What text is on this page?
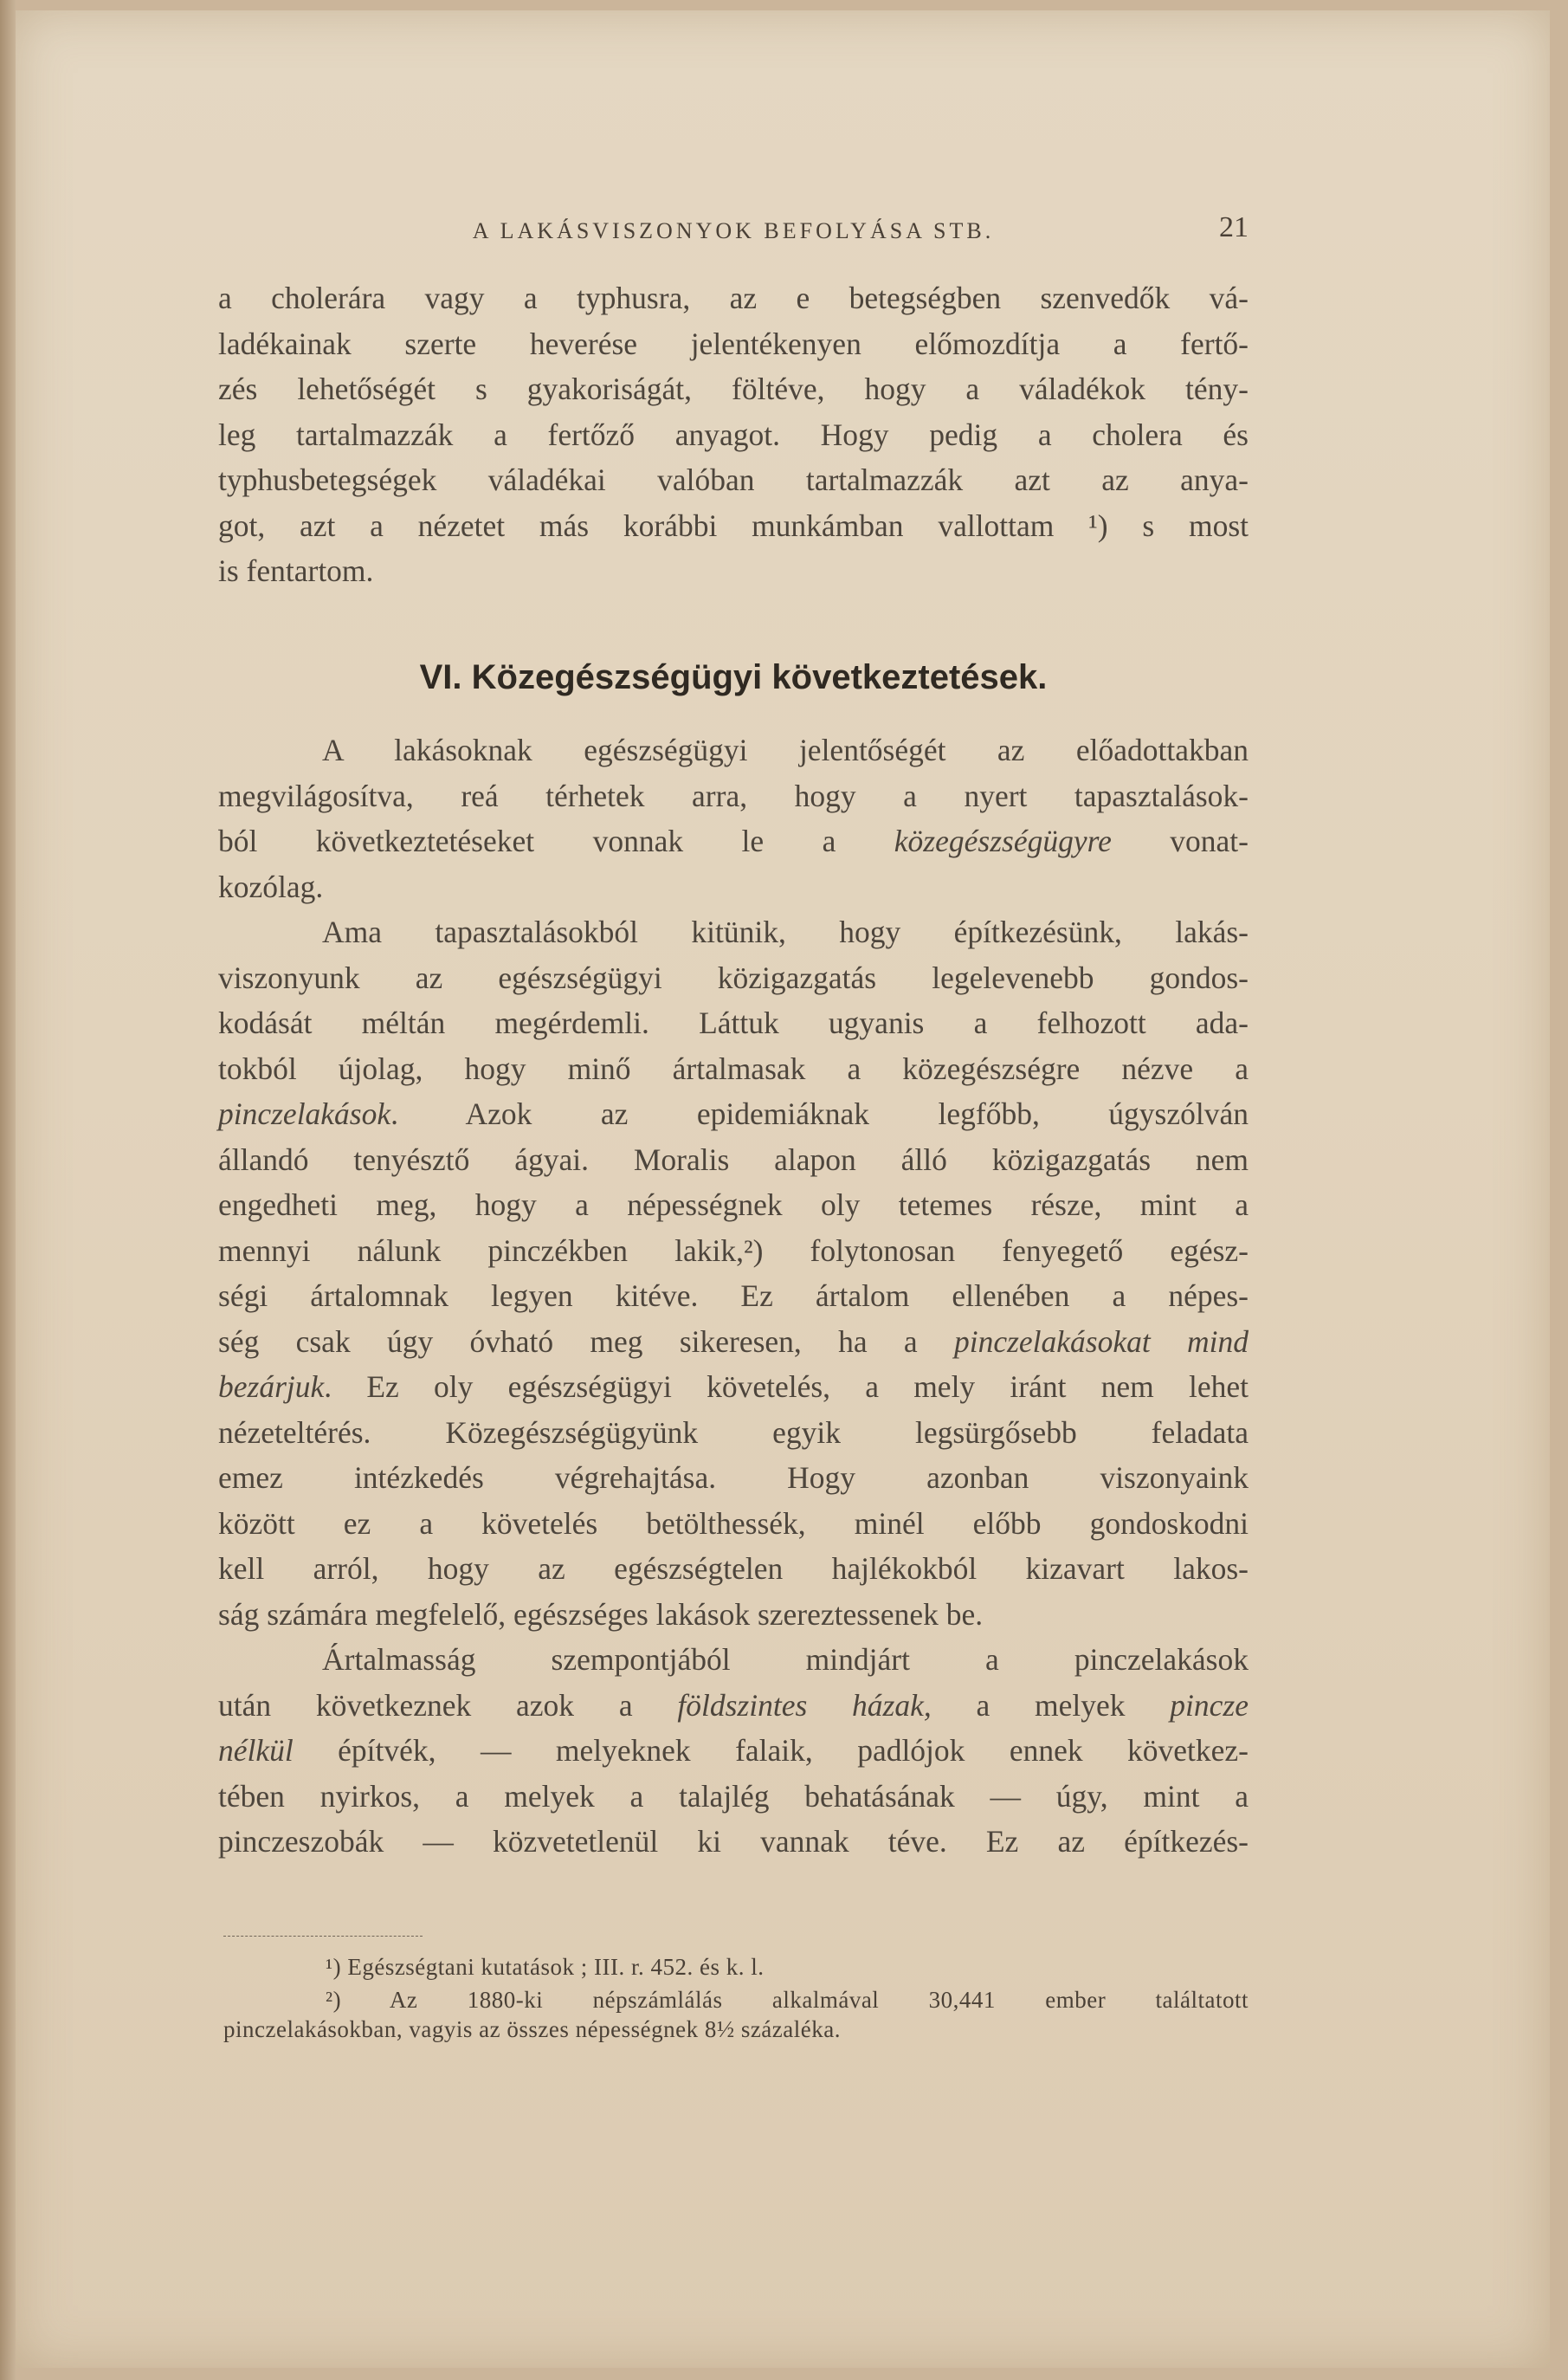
A LAKÁSVISZONYOK BEFOLYÁSA STB.	21

a cholerára vagy a typhusra, az e betegségben szenvedők vá-

ladékainak szerte heverése jelentékenyen előmozdítja a fertő-

zés lehetőségét s gyakoriságát, föltéve, hogy a váladékok tény-

leg tartalmazzák a fertőző anyagot. Hogy pedig a cholera és

typhusbetegségek váladékai valóban tartalmazzák azt az anya-

got, azt a nézetet más korábbi munkámban vallottam ¹) s most

is fentartom.

VI. Közegészségügyi következtetések.

A lakásoknak egészségügyi jelentőségét az előadottakban

megvilágosítva, reá térhetek arra, hogy a nyert tapasztalások-

ból következtetéseket vonnak le a közegészségügyre vonat-

kozólag.

Ama tapasztalásokból kitünik, hogy építkezésünk, lakás-

viszonyunk az egészségügyi közigazgatás legelevenebb gondos-

kodását méltán megérdemli. Láttuk ugyanis a felhozott ada-

tokból újolag, hogy minő ártalmasak a közegészségre nézve a

pinczelakások. Azok az epidemiáknak legfőbb, úgyszólván

állandó tenyésztő ágyai. Moralis alapon álló közigazgatás nem

engedheti meg, hogy a népességnek oly tetemes része, mint a

mennyi nálunk pinczékben lakik,²) folytonosan fenyegető egész-

ségi ártalomnak legyen kitéve. Ez ártalom ellenében a népes-

ség csak úgy óvható meg sikeresen, ha a pinczelakásokat mind

bezárjuk. Ez oly egészségügyi követelés, a mely iránt nem lehet

nézeteltérés. Közegészségügyünk egyik legsürgősebb feladata

emez intézkedés végrehajtása. Hogy azonban viszonyaink

között ez a követelés betölthessék, minél előbb gondoskodni

kell arról, hogy az egészségtelen hajlékokból kizavart lakos-

ság számára megfelelő, egészséges lakások szereztessenek be.

Ártalmasság szempontjából mindjárt a pinczelakások

után következnek azok a földszintes házak, a melyek pincze

nélkül építvék, — melyeknek falaik, padlójok ennek következ-

tében nyirkos, a melyek a talajlég behatásának — úgy, mint a

pinczeszobák — közvetetlenül ki vannak téve. Ez az építkezés-

¹) Egészségtani kutatások ; III. r. 452. és k. l.

²) Az 1880-ki népszámlálás alkalmával 30,441 ember találtatott

pinczelakásokban, vagyis az összes népességnek 8½ százaléka.
